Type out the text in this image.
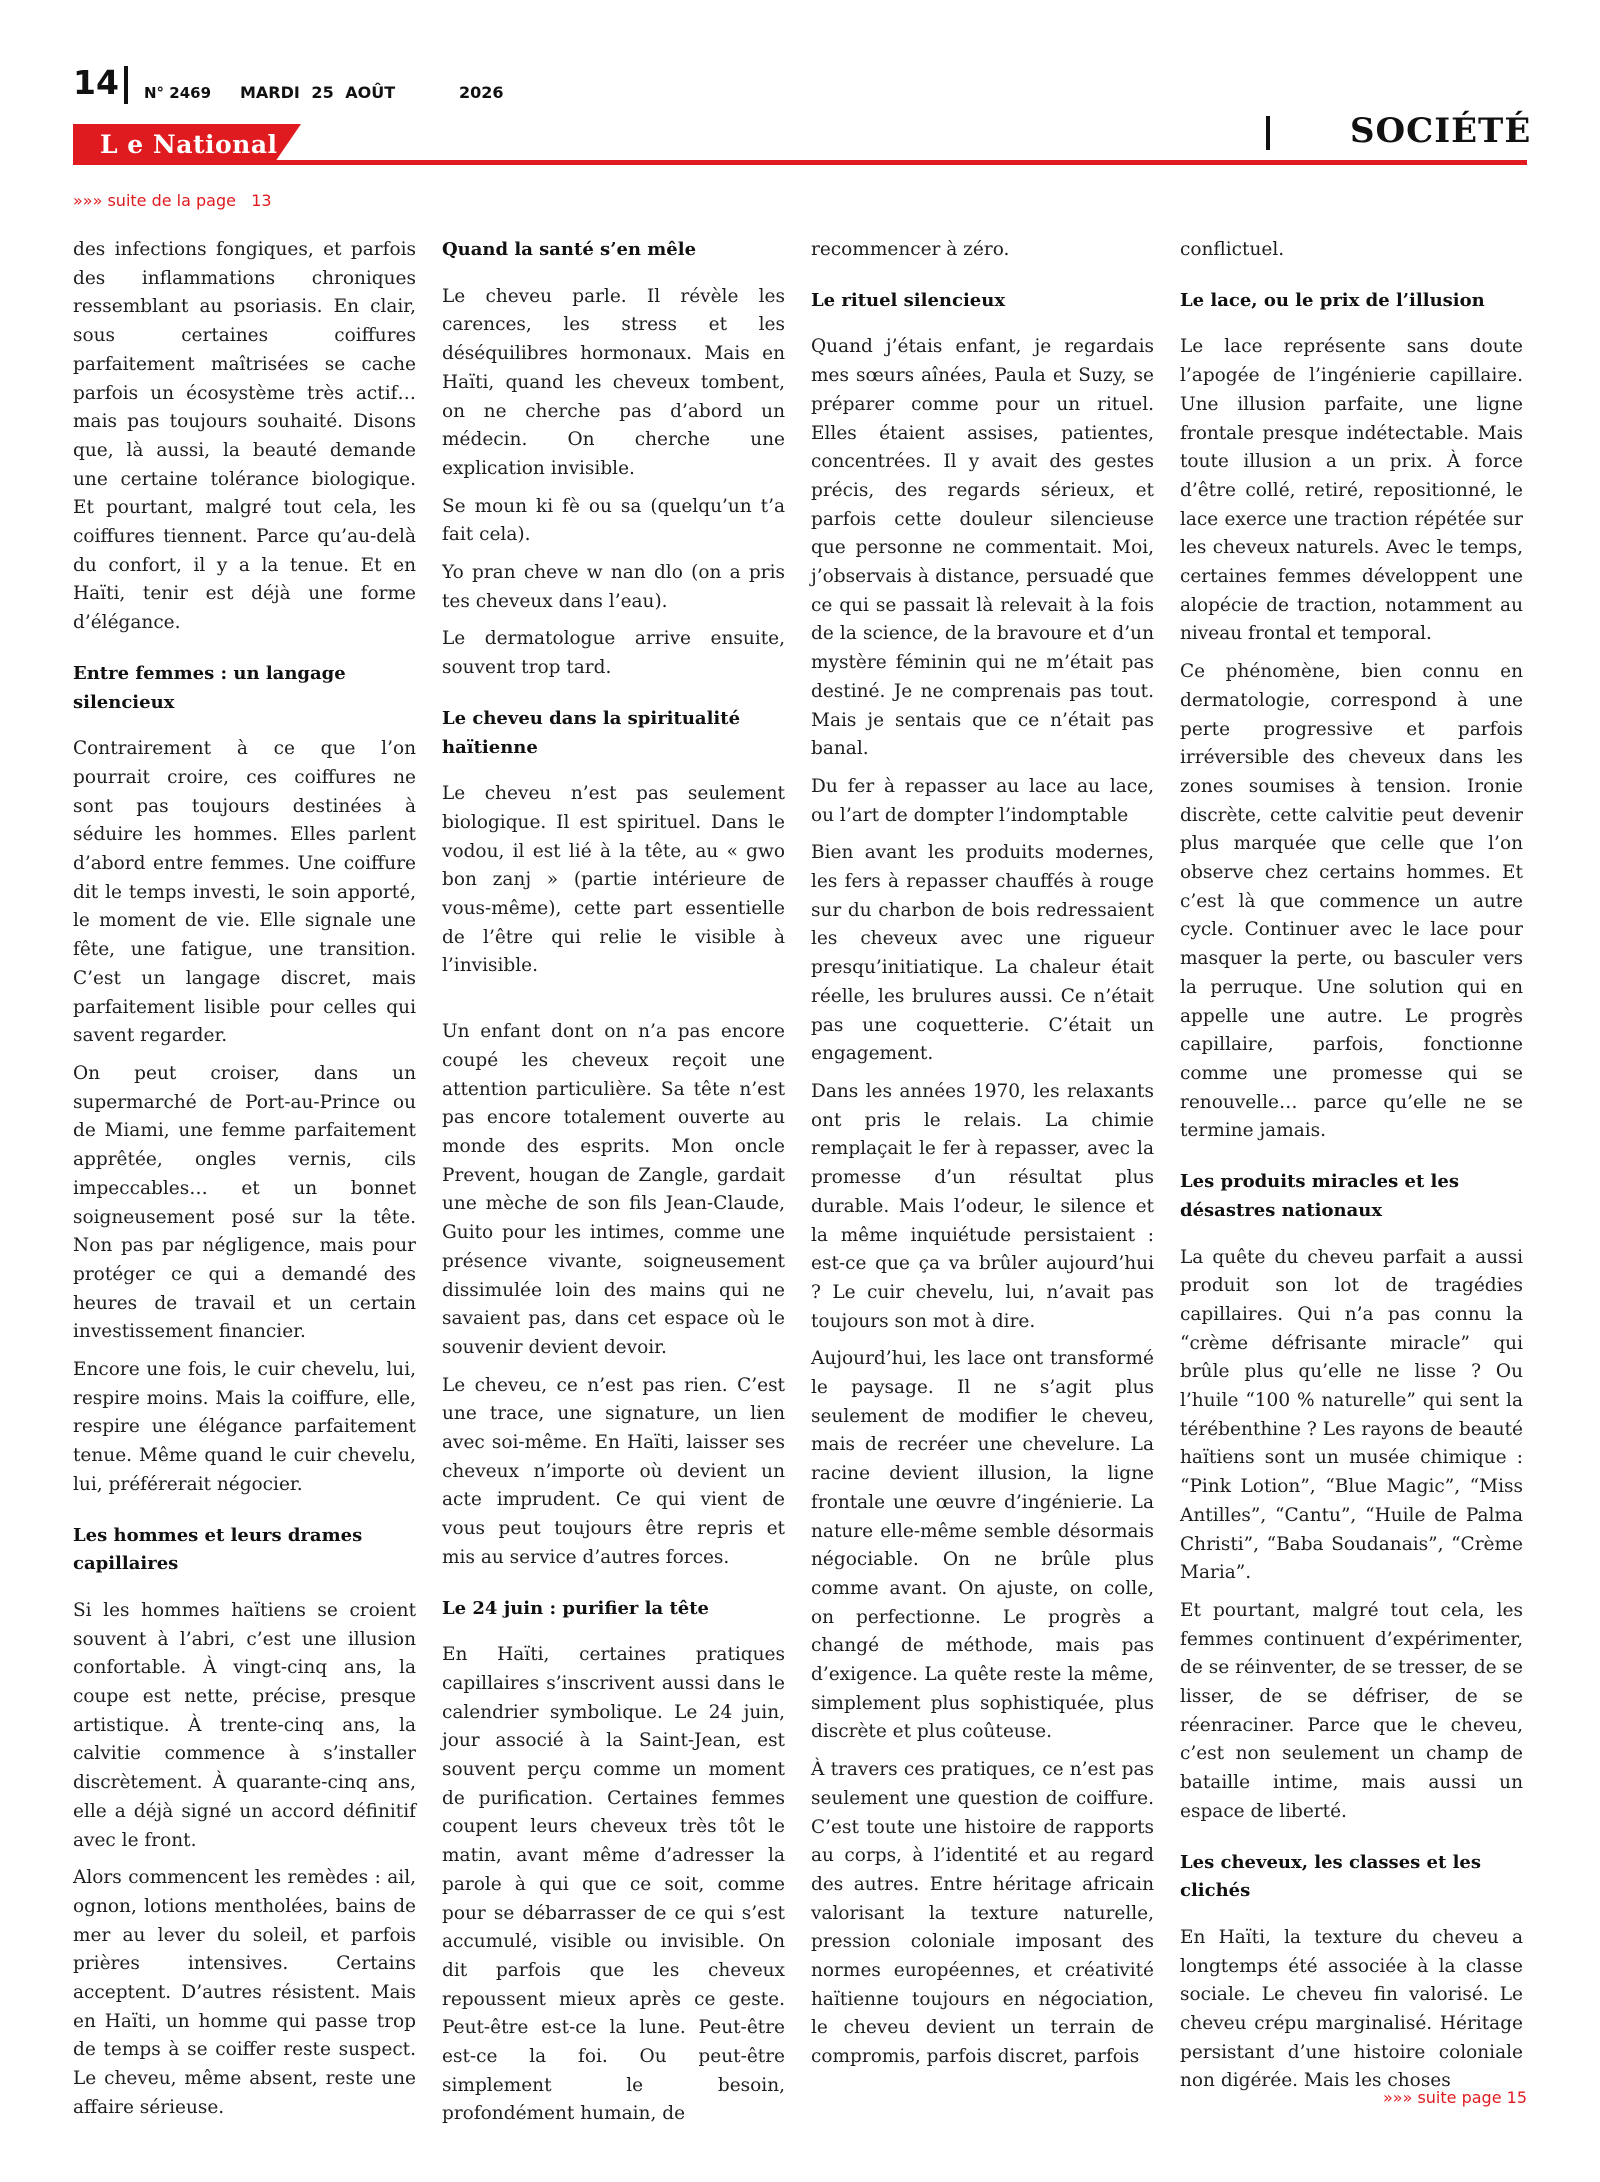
14 N° 2469 MARDI 25 AOÛT	2026
L e National	SOCIÉTÉ
»»» suite de la page 13

des infections fongiques, et parfois des inflammations chroniques ressemblant au psoriasis. En clair, sous certaines coiffures parfaitement maîtrisées se cache parfois un écosystème très actif… mais pas toujours souhaité. Disons que, là aussi, la beauté demande une certaine tolérance biologique. Et pourtant, malgré tout cela, les coiffures tiennent. Parce qu’au-delà du confort, il y a la tenue. Et en Haïti, tenir est déjà une forme d’élégance.

Entre femmes : un langage silencieux

Contrairement à ce que l’on pourrait croire, ces coiffures ne sont pas toujours destinées à séduire les hommes. Elles parlent d’abord entre femmes. Une coiffure dit le temps investi, le soin apporté, le moment de vie. Elle signale une fête, une fatigue, une transition. C’est un langage discret, mais parfaitement lisible pour celles qui savent regarder.

On peut croiser, dans un supermarché de Port-au-Prince ou de Miami, une femme parfaitement apprêtée, ongles vernis, cils impeccables… et un bonnet soigneusement posé sur la tête. Non pas par négligence, mais pour protéger ce qui a demandé des heures de travail et un certain investissement financier.

Encore une fois, le cuir chevelu, lui, respire moins. Mais la coiffure, elle, respire une élégance parfaitement tenue. Même quand le cuir chevelu, lui, préférerait négocier.

Les hommes et leurs drames capillaires

Si les hommes haïtiens se croient souvent à l’abri, c’est une illusion confortable. À vingt-cinq ans, la coupe est nette, précise, presque artistique. À trente-cinq ans, la calvitie commence à s’installer discrètement. À quarante-cinq ans, elle a déjà signé un accord définitif avec le front.

Alors commencent les remèdes : ail, ognon, lotions mentholées, bains de mer au lever du soleil, et parfois prières intensives. Certains acceptent. D’autres résistent. Mais en Haïti, un homme qui passe trop de temps à se coiffer reste suspect. Le cheveu, même absent, reste une affaire sérieuse.

Quand la santé s’en mêle

Le cheveu parle. Il révèle les carences, les stress et les déséquilibres hormonaux. Mais en Haïti, quand les cheveux tombent, on ne cherche pas d’abord un médecin. On cherche une explication invisible.

Se moun ki fè ou sa (quelqu’un t’a fait cela).

Yo pran cheve w nan dlo (on a pris tes cheveux dans l’eau).

Le dermatologue arrive ensuite, souvent trop tard.

Le cheveu dans la spiritualité haïtienne

Le cheveu n’est pas seulement biologique. Il est spirituel. Dans le vodou, il est lié à la tête, au « gwo bon zanj » (partie intérieure de vous-même), cette part essentielle de l’être qui relie le visible à l’invisible.

Un enfant dont on n’a pas encore coupé les cheveux reçoit une attention particulière. Sa tête n’est pas encore totalement ouverte au monde des esprits. Mon oncle Prevent, hougan de Zangle, gardait une mèche de son fils Jean-Claude, Guito pour les intimes, comme une présence vivante, soigneusement dissimulée loin des mains qui ne savaient pas, dans cet espace où le souvenir devient devoir.

Le cheveu, ce n’est pas rien. C’est une trace, une signature, un lien avec soi-même. En Haïti, laisser ses cheveux n’importe où devient un acte imprudent. Ce qui vient de vous peut toujours être repris et mis au service d’autres forces.

Le 24 juin : purifier la tête

En Haïti, certaines pratiques capillaires s’inscrivent aussi dans le calendrier symbolique. Le 24 juin, jour associé à la Saint-Jean, est souvent perçu comme un moment de purification. Certaines femmes coupent leurs cheveux très tôt le matin, avant même d’adresser la parole à qui que ce soit, comme pour se débarrasser de ce qui s’est accumulé, visible ou invisible. On dit parfois que les cheveux repoussent mieux après ce geste. Peut-être est-ce la lune. Peut-être est-ce la foi. Ou peut-être simplement le besoin, profondément humain, de

recommencer à zéro.

Le rituel silencieux

Quand j’étais enfant, je regardais mes sœurs aînées, Paula et Suzy, se préparer comme pour un rituel. Elles étaient assises, patientes, concentrées. Il y avait des gestes précis, des regards sérieux, et parfois cette douleur silencieuse que personne ne commentait. Moi, j’observais à distance, persuadé que ce qui se passait là relevait à la fois de la science, de la bravoure et d’un mystère féminin qui ne m’était pas destiné. Je ne comprenais pas tout. Mais je sentais que ce n’était pas banal.

Du fer à repasser au lace au lace, ou l’art de dompter l’indomptable

Bien avant les produits modernes, les fers à repasser chauffés à rouge sur du charbon de bois redressaient les cheveux avec une rigueur presqu’initiatique. La chaleur était réelle, les brulures aussi. Ce n’était pas une coquetterie. C’était un engagement.

Dans les années 1970, les relaxants ont pris le relais. La chimie remplaçait le fer à repasser, avec la promesse d’un résultat plus durable. Mais l’odeur, le silence et la même inquiétude persistaient : est-ce que ça va brûler aujourd’hui ? Le cuir chevelu, lui, n’avait pas toujours son mot à dire.

Aujourd’hui, les lace ont transformé le paysage. Il ne s’agit plus seulement de modifier le cheveu, mais de recréer une chevelure. La racine devient illusion, la ligne frontale une œuvre d’ingénierie. La nature elle-même semble désormais négociable. On ne brûle plus comme avant. On ajuste, on colle, on perfectionne. Le progrès a changé de méthode, mais pas d’exigence. La quête reste la même, simplement plus sophistiquée, plus discrète et plus coûteuse.

À travers ces pratiques, ce n’est pas seulement une question de coiffure. C’est toute une histoire de rapports au corps, à l’identité et au regard des autres. Entre héritage africain valorisant la texture naturelle, pression coloniale imposant des normes européennes, et créativité haïtienne toujours en négociation, le cheveu devient un terrain de compromis, parfois discret, parfois

conflictuel.

Le lace, ou le prix de l’illusion

Le lace représente sans doute l’apogée de l’ingénierie capillaire. Une illusion parfaite, une ligne frontale presque indétectable. Mais toute illusion a un prix. À force d’être collé, retiré, repositionné, le lace exerce une traction répétée sur les cheveux naturels. Avec le temps, certaines femmes développent une alopécie de traction, notamment au niveau frontal et temporal.

Ce phénomène, bien connu en dermatologie, correspond à une perte progressive et parfois irréversible des cheveux dans les zones soumises à tension. Ironie discrète, cette calvitie peut devenir plus marquée que celle que l’on observe chez certains hommes. Et c’est là que commence un autre cycle. Continuer avec le lace pour masquer la perte, ou basculer vers la perruque. Une solution qui en appelle une autre. Le progrès capillaire, parfois, fonctionne comme une promesse qui se renouvelle… parce qu’elle ne se termine jamais.

Les produits miracles et les désastres nationaux

La quête du cheveu parfait a aussi produit son lot de tragédies capillaires. Qui n’a pas connu la “crème défrisante miracle” qui brûle plus qu’elle ne lisse ? Ou l’huile “100 % naturelle” qui sent la térébenthine ? Les rayons de beauté haïtiens sont un musée chimique : “Pink Lotion”, “Blue Magic”, “Miss Antilles”, “Cantu”, “Huile de Palma Christi”, “Baba Soudanais”, “Crème Maria”.

Et pourtant, malgré tout cela, les femmes continuent d’expérimenter, de se réinventer, de se tresser, de se lisser, de se défriser, de se réenraciner. Parce que le cheveu, c’est non seulement un champ de bataille intime, mais aussi un espace de liberté.

Les cheveux, les classes et les clichés

En Haïti, la texture du cheveu a longtemps été associée à la classe sociale. Le cheveu fin valorisé. Le cheveu crépu marginalisé. Héritage persistant d’une histoire coloniale non digérée. Mais les choses

»»» suite page 15
